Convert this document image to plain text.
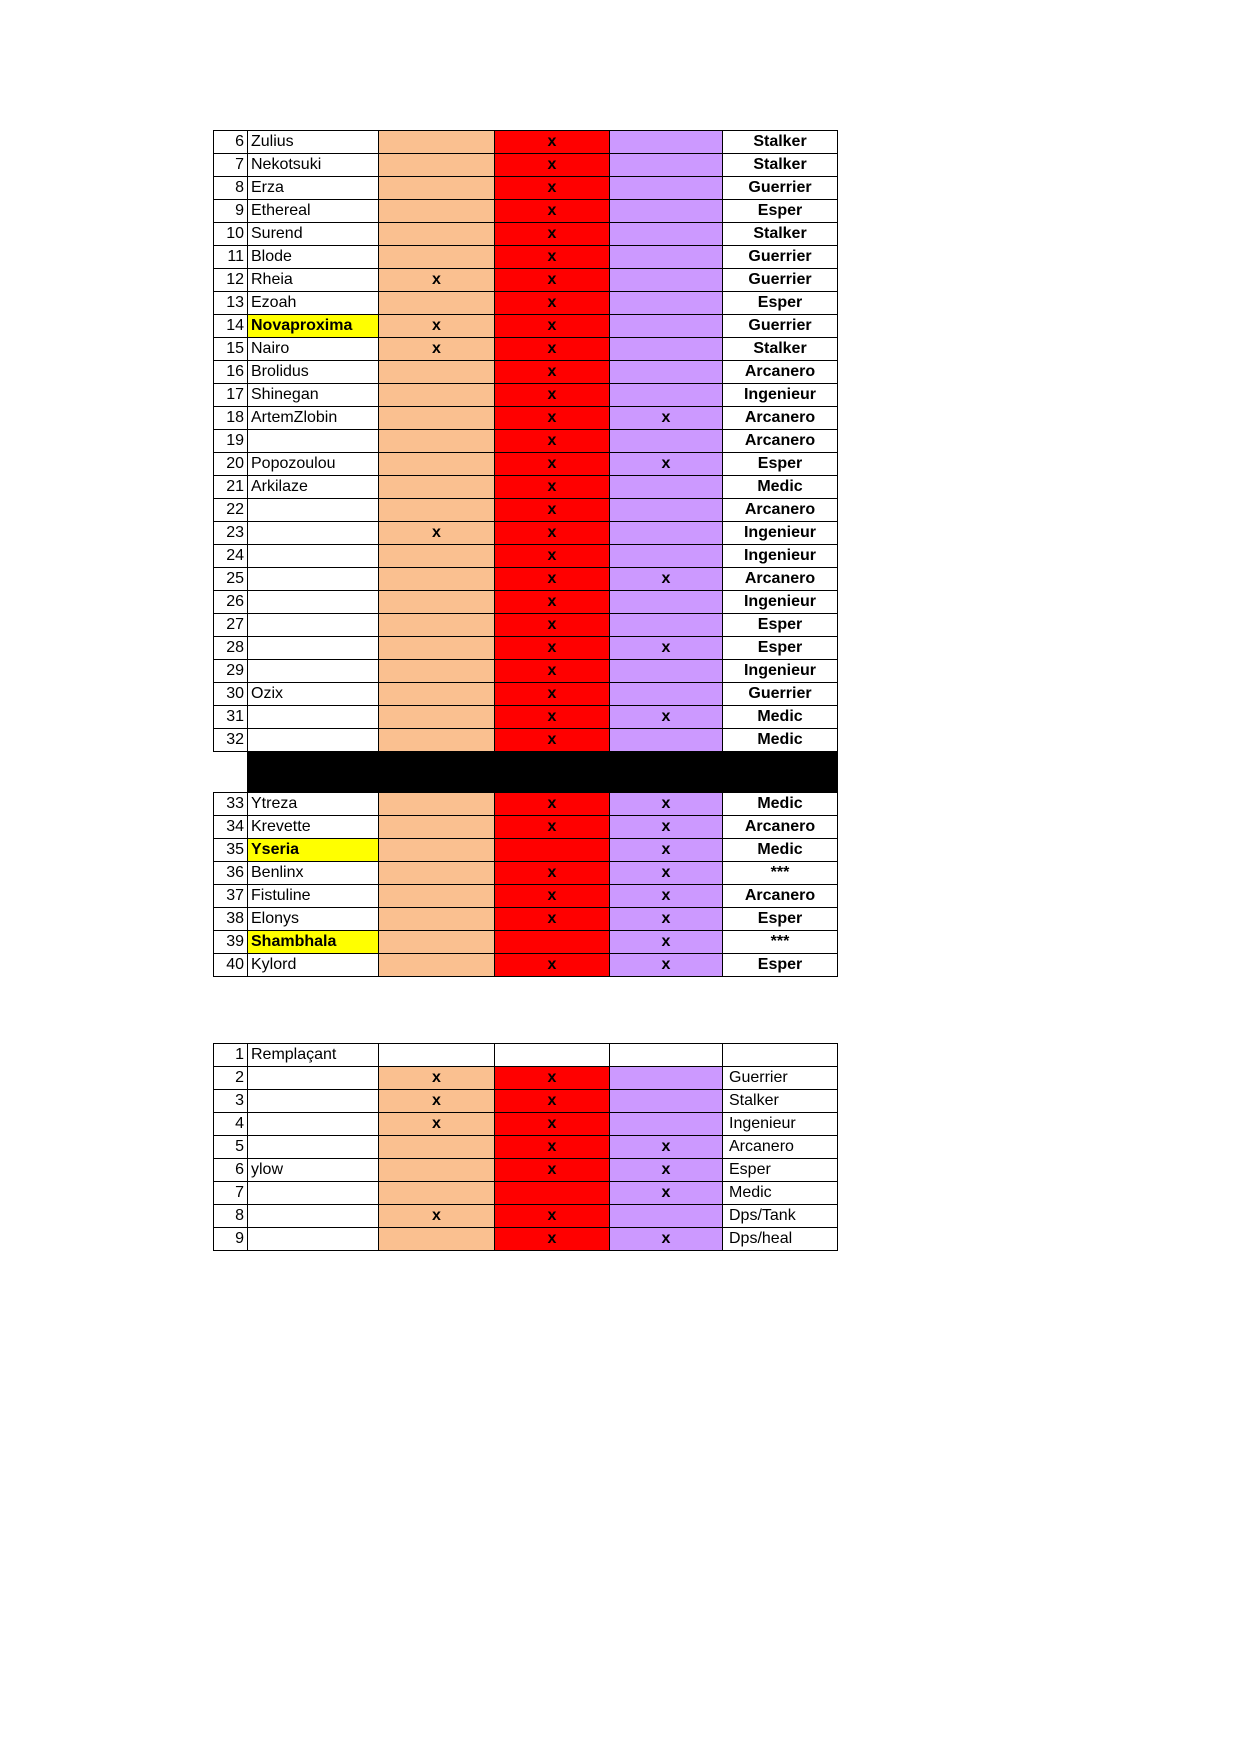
6	Zulius		x		Stalker
7	Nekotsuki		x		Stalker
8	Erza		x		Guerrier
9	Ethereal		x		Esper
10	Surend		x		Stalker
11	Blode		x		Guerrier
12	Rheia	x	x		Guerrier
13	Ezoah		x		Esper
14	Novaproxima	x	x		Guerrier
15	Nairo	x	x		Stalker
16	Brolidus		x		Arcanero
17	Shinegan		x		Ingenieur
18	ArtemZlobin		x	x	Arcanero
19			x		Arcanero
20	Popozoulou		x	x	Esper
21	Arkilaze		x		Medic
22			x		Arcanero
23		x	x		Ingenieur
24			x		Ingenieur
25			x	x	Arcanero
26			x		Ingenieur
27			x		Esper
28			x	x	Esper
29			x		Ingenieur
30	Ozix		x		Guerrier
31			x	x	Medic
32			x		Medic

33	Ytreza		x	x	Medic
34	Krevette		x	x	Arcanero
35	Yseria			x	Medic
36	Benlinx		x	x	***
37	Fistuline		x	x	Arcanero
38	Elonys		x	x	Esper
39	Shambhala			x	***
40	Kylord		x	x	Esper
1	Remplaçant				
2		x	x		Guerrier
3		x	x		Stalker
4		x	x		Ingenieur
5			x	x	Arcanero
6	ylow		x	x	Esper
7				x	Medic
8		x	x		Dps/Tank
9			x	x	Dps/heal
